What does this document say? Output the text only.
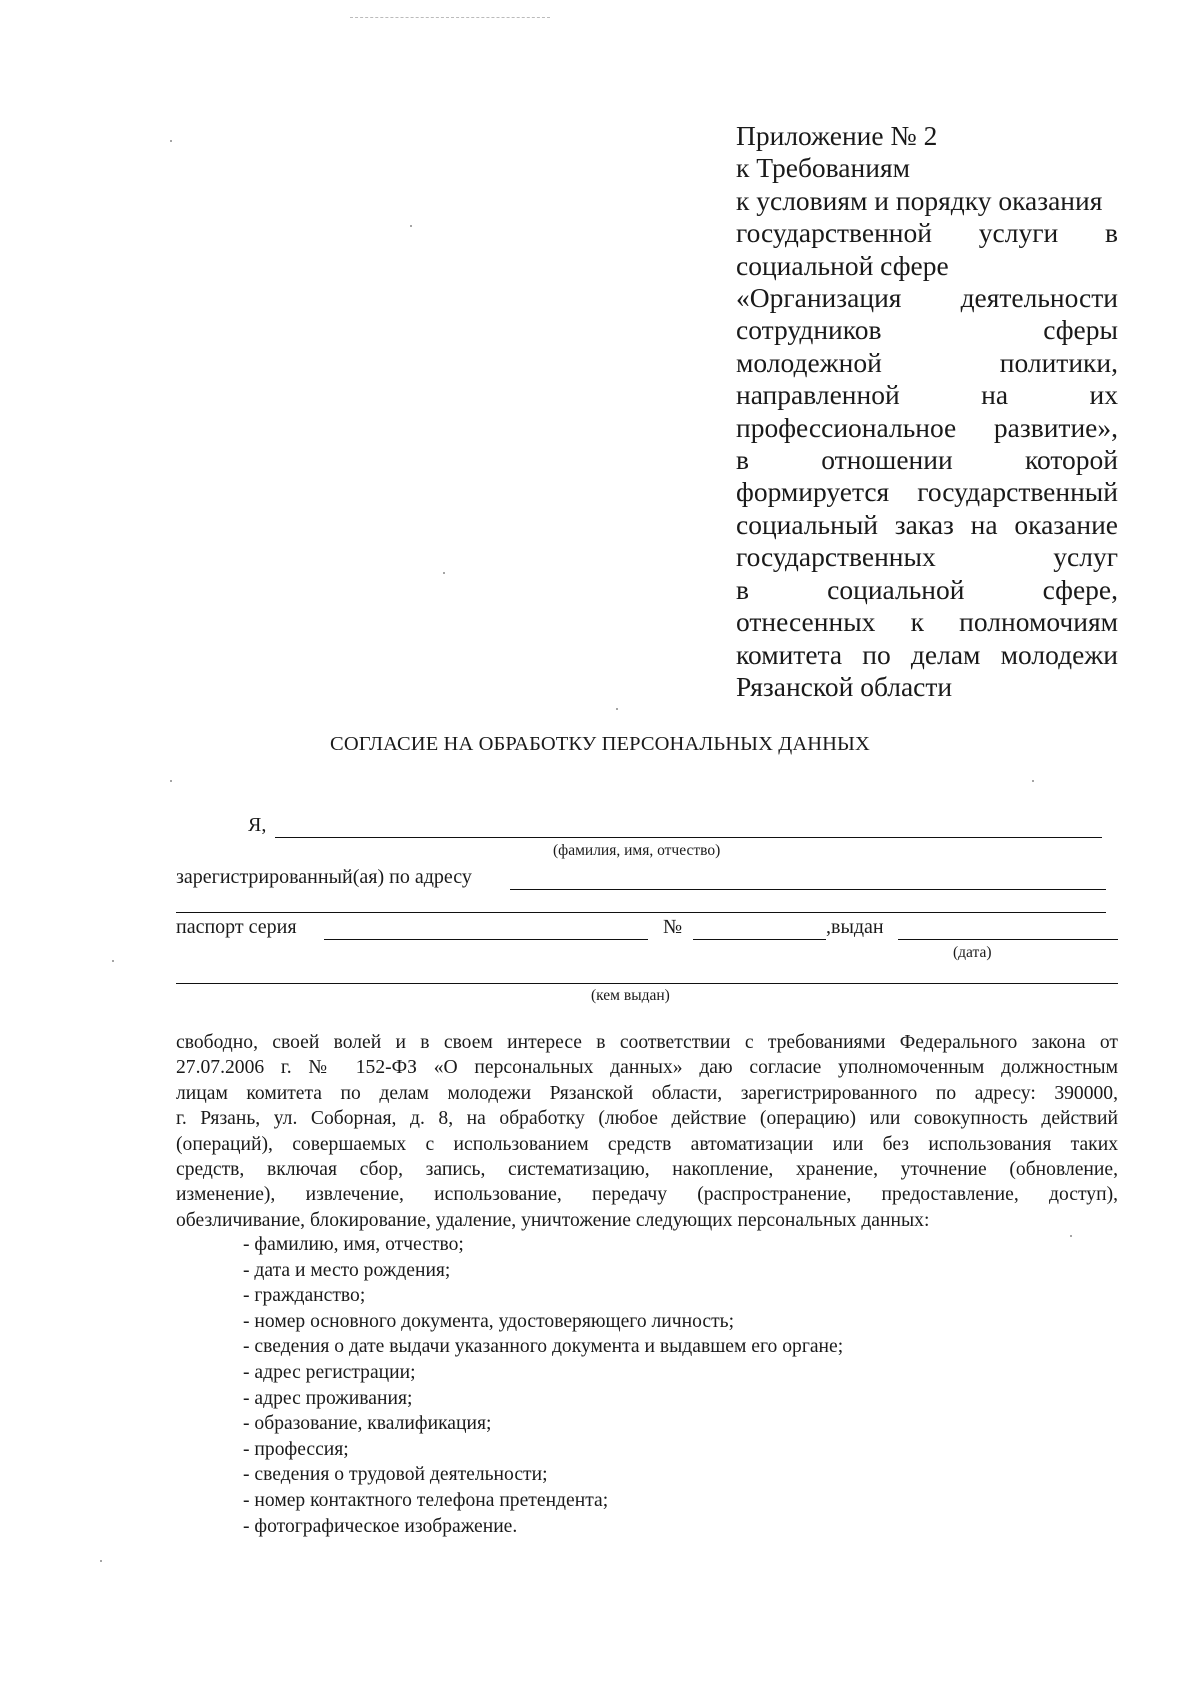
Приложение № 2
к Требованиям
к условиям и порядку оказания
государственной услуги в
социальной сфере
«Организация деятельности
сотрудников сферы
молодежной политики,
направленной на их
профессиональное развитие»,
в отношении которой
формируется государственный
социальный заказ на оказание
государственных услуг
в социальной сфере,
отнесенных к полномочиям
комитета по делам молодежи
Рязанской области
СОГЛАСИЕ НА ОБРАБОТКУ ПЕРСОНАЛЬНЫХ ДАННЫХ
Я,
(фамилия, имя, отчество)
зарегистрированный(ая) по адресу
паспорт серия	№	,выдан
(дата)
(кем выдан)
свободно, своей волей и в своем интересе в соответствии с требованиями Федерального закона от
27.07.2006 г. № 152-ФЗ «О персональных данных» даю согласие уполномоченным должностным
лицам комитета по делам молодежи Рязанской области, зарегистрированного по адресу: 390000,
г. Рязань, ул. Соборная, д. 8, на обработку (любое действие (операцию) или совокупность действий
(операций), совершаемых с использованием средств автоматизации или без использования таких
средств, включая сбор, запись, систематизацию, накопление, хранение, уточнение (обновление,
изменение), извлечение, использование, передачу (распространение, предоставление, доступ),
обезличивание, блокирование, удаление, уничтожение следующих персональных данных:
- фамилию, имя, отчество;
- дата и место рождения;
- гражданство;
- номер основного документа, удостоверяющего личность;
- сведения о дате выдачи указанного документа и выдавшем его органе;
- адрес регистрации;
- адрес проживания;
- образование, квалификация;
- профессия;
- сведения о трудовой деятельности;
- номер контактного телефона претендента;
- фотографическое изображение.
